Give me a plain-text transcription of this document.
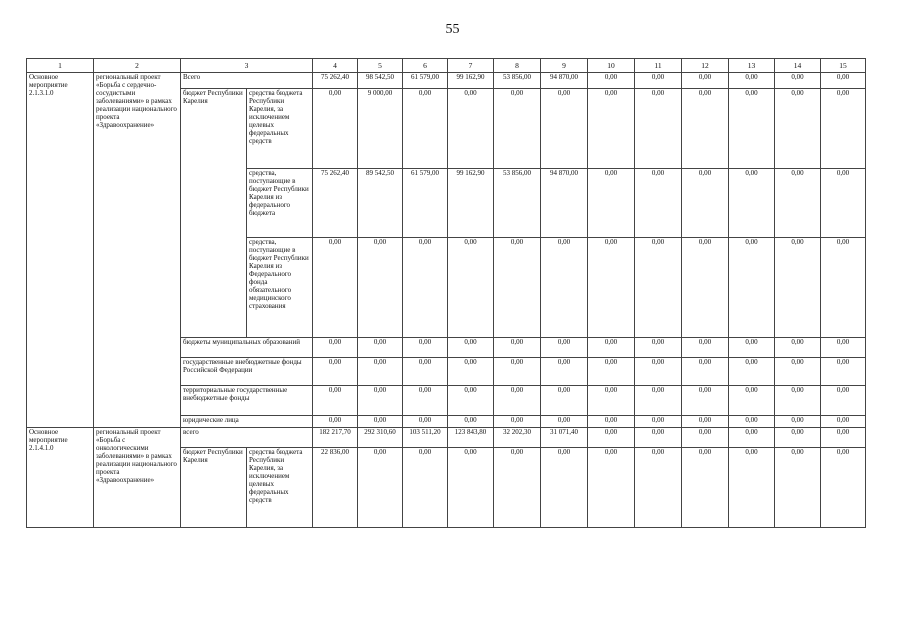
55
1	2	3		4	5	6	7	8	9	10	11	12	13	14	15
Основное мероприятие 2.1.3.1.0	региональный проект «Борьба с сердечно-сосудистыми заболеваниями» в рамках реализации национального проекта «Здравоохранение»	Всего		75 262,40	98 542,50	61 579,00	99 162,90	53 856,00	94 870,00	0,00	0,00	0,00	0,00	0,00	0,00
		бюджет Республики Карелия	средства бюджета Республики Карелия, за исключением целевых федеральных средств	0,00	9 000,00	0,00	0,00	0,00	0,00	0,00	0,00	0,00	0,00	0,00	0,00
			средства, поступающие в бюджет Республики Карелия из федерального бюджета	75 262,40	89 542,50	61 579,00	99 162,90	53 856,00	94 870,00	0,00	0,00	0,00	0,00	0,00	0,00
			средства, поступающие в бюджет Республики Карелия из Федерального фонда обязательного медицинского страхования	0,00	0,00	0,00	0,00	0,00	0,00	0,00	0,00	0,00	0,00	0,00	0,00
		бюджеты муниципальных образований		0,00	0,00	0,00	0,00	0,00	0,00	0,00	0,00	0,00	0,00	0,00	0,00
		государственные внебюджетные фонды Российской Федерации		0,00	0,00	0,00	0,00	0,00	0,00	0,00	0,00	0,00	0,00	0,00	0,00
		территориальные государственные внебюджетные фонды		0,00	0,00	0,00	0,00	0,00	0,00	0,00	0,00	0,00	0,00	0,00	0,00
		юридические лица		0,00	0,00	0,00	0,00	0,00	0,00	0,00	0,00	0,00	0,00	0,00	0,00
Основное мероприятие 2.1.4.1.0	региональный проект «Борьба с онкологическими заболеваниями» в рамках реализации национального проекта «Здравоохранение»	всего		182 217,70	292 310,60	103 511,20	123 843,80	32 202,30	31 071,40	0,00	0,00	0,00	0,00	0,00	0,00
		бюджет Республики Карелия	средства бюджета Республики Карелия, за исключением целевых федеральных средств	22 836,00	0,00	0,00	0,00	0,00	0,00	0,00	0,00	0,00	0,00	0,00	0,00
